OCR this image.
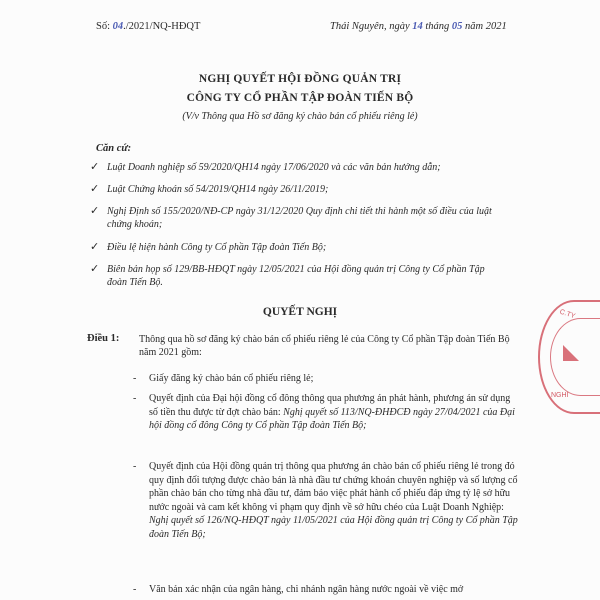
Số: 04./2021/NQ-HĐQT	Thái Nguyên, ngày 14 tháng 05 năm 2021
NGHỊ QUYẾT HỘI ĐỒNG QUẢN TRỊ
CÔNG TY CỔ PHẦN TẬP ĐOÀN TIẾN BỘ
(V/v Thông qua Hồ sơ đăng ký chào bán cổ phiếu riêng lẻ)
Căn cứ:
✓ Luật Doanh nghiệp số 59/2020/QH14 ngày 17/06/2020 và các văn bản hướng dẫn;
✓ Luật Chứng khoán số 54/2019/QH14 ngày 26/11/2019;
✓ Nghị Định số 155/2020/NĐ-CP ngày 31/12/2020 Quy định chi tiết thi hành một số điều của luật chứng khoán;
✓ Điều lệ hiện hành Công ty Cổ phần Tập đoàn Tiến Bộ;
✓ Biên bản họp số 129/BB-HĐQT ngày 12/05/2021 của Hội đồng quản trị Công ty Cổ phần Tập đoàn Tiến Bộ.
QUYẾT NGHỊ
Điều 1: Thông qua hồ sơ đăng ký chào bán cổ phiếu riêng lẻ của Công ty Cổ phần Tập đoàn Tiến Bộ năm 2021 gồm:
- Giấy đăng ký chào bán cổ phiếu riêng lẻ;
- Quyết định của Đại hội đồng cổ đông thông qua phương án phát hành, phương án sử dụng số tiền thu được từ đợt chào bán: Nghị quyết số 113/NQ-ĐHĐCĐ ngày 27/04/2021 của Đại hội đồng cổ đông Công ty Cổ phần Tập đoàn Tiến Bộ;
- Quyết định của Hội đồng quản trị thông qua phương án chào bán cổ phiếu riêng lẻ trong đó quy định đối tượng được chào bán là nhà đầu tư chứng khoán chuyên nghiệp và số lượng cổ phần chào bán cho từng nhà đầu tư, đảm bảo việc phát hành cổ phiếu đáp ứng tỷ lệ sở hữu nước ngoài và cam kết không vi phạm quy định về sở hữu chéo của Luật Doanh Nghiệp: Nghị quyết số 126/NQ-HĐQT ngày 11/05/2021 của Hội đồng quản trị Công ty Cổ phần Tập đoàn Tiến Bộ;
- Văn bản xác nhận của ngân hàng, chi nhánh ngân hàng nước ngoài về việc mở
C.TY
NGHI
